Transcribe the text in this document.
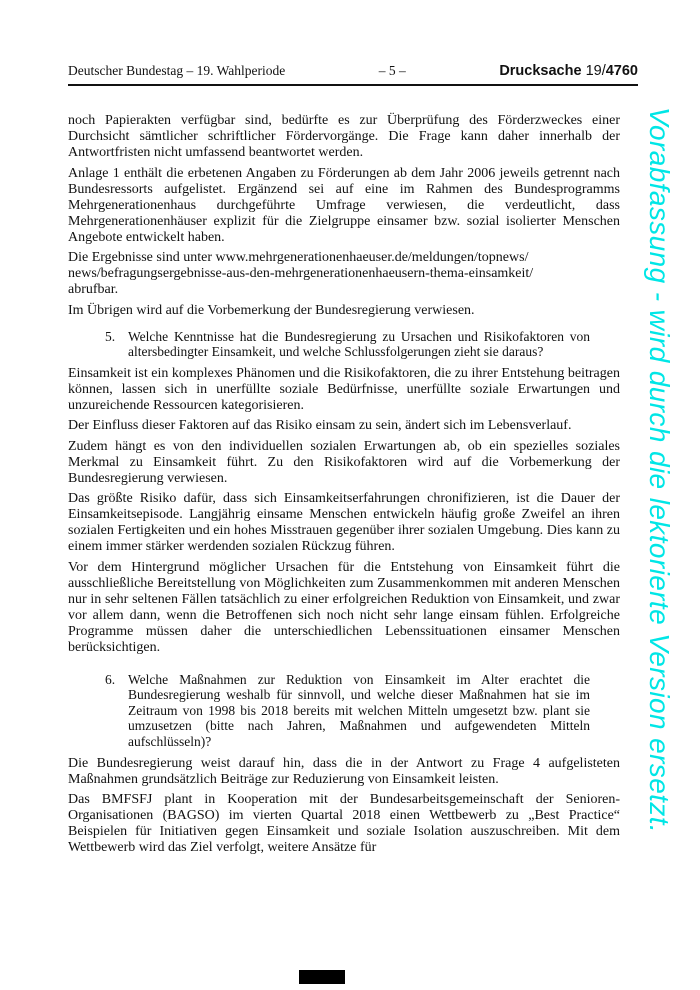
Deutscher Bundestag – 19. Wahlperiode	– 5 –	Drucksache 19/4760
Vorabfassung - wird durch die lektorierte Version ersetzt.

noch Papierakten verfügbar sind, bedürfte es zur Überprüfung des Förderzweckes einer Durchsicht sämtlicher schriftlicher Fördervorgänge. Die Frage kann daher innerhalb der Antwortfristen nicht umfassend beantwortet werden.

Anlage 1 enthält die erbetenen Angaben zu Förderungen ab dem Jahr 2006 jeweils getrennt nach Bundesressorts aufgelistet. Ergänzend sei auf eine im Rahmen des Bundesprogramms Mehrgenerationenhaus durchgeführte Umfrage verwiesen, die verdeutlicht, dass Mehrgenerationenhäuser explizit für die Zielgruppe einsamer bzw. sozial isolierter Menschen Angebote entwickelt haben.

Die Ergebnisse sind unter www.mehrgenerationenhaeuser.de/meldungen/topnews/
news/befragungsergebnisse-aus-den-mehrgenerationenhaeusern-thema-einsamkeit/
abrufbar.

Im Übrigen wird auf die Vorbemerkung der Bundesregierung verwiesen.

5. Welche Kenntnisse hat die Bundesregierung zu Ursachen und Risikofaktoren von altersbedingter Einsamkeit, und welche Schlussfolgerungen zieht sie daraus?

Einsamkeit ist ein komplexes Phänomen und die Risikofaktoren, die zu ihrer Entstehung beitragen können, lassen sich in unerfüllte soziale Bedürfnisse, unerfüllte soziale Erwartungen und unzureichende Ressourcen kategorisieren.

Der Einfluss dieser Faktoren auf das Risiko einsam zu sein, ändert sich im Lebensverlauf.

Zudem hängt es von den individuellen sozialen Erwartungen ab, ob ein spezielles soziales Merkmal zu Einsamkeit führt. Zu den Risikofaktoren wird auf die Vorbemerkung der Bundesregierung verwiesen.

Das größte Risiko dafür, dass sich Einsamkeitserfahrungen chronifizieren, ist die Dauer der Einsamkeitsepisode. Langjährig einsame Menschen entwickeln häufig große Zweifel an ihren sozialen Fertigkeiten und ein hohes Misstrauen gegenüber ihrer sozialen Umgebung. Dies kann zu einem immer stärker werdenden sozialen Rückzug führen.

Vor dem Hintergrund möglicher Ursachen für die Entstehung von Einsamkeit führt die ausschließliche Bereitstellung von Möglichkeiten zum Zusammenkommen mit anderen Menschen nur in sehr seltenen Fällen tatsächlich zu einer erfolgreichen Reduktion von Einsamkeit, und zwar vor allem dann, wenn die Betroffenen sich noch nicht sehr lange einsam fühlen. Erfolgreiche Programme müssen daher die unterschiedlichen Lebenssituationen einsamer Menschen berücksichtigen.

6. Welche Maßnahmen zur Reduktion von Einsamkeit im Alter erachtet die Bundesregierung weshalb für sinnvoll, und welche dieser Maßnahmen hat sie im Zeitraum von 1998 bis 2018 bereits mit welchen Mitteln umgesetzt bzw. plant sie umzusetzen (bitte nach Jahren, Maßnahmen und aufgewendeten Mitteln aufschlüsseln)?

Die Bundesregierung weist darauf hin, dass die in der Antwort zu Frage 4 aufgelisteten Maßnahmen grundsätzlich Beiträge zur Reduzierung von Einsamkeit leisten.

Das BMFSFJ plant in Kooperation mit der Bundesarbeitsgemeinschaft der Senioren-Organisationen (BAGSO) im vierten Quartal 2018 einen Wettbewerb zu „Best Practice“ Beispielen für Initiativen gegen Einsamkeit und soziale Isolation auszuschreiben. Mit dem Wettbewerb wird das Ziel verfolgt, weitere Ansätze für
